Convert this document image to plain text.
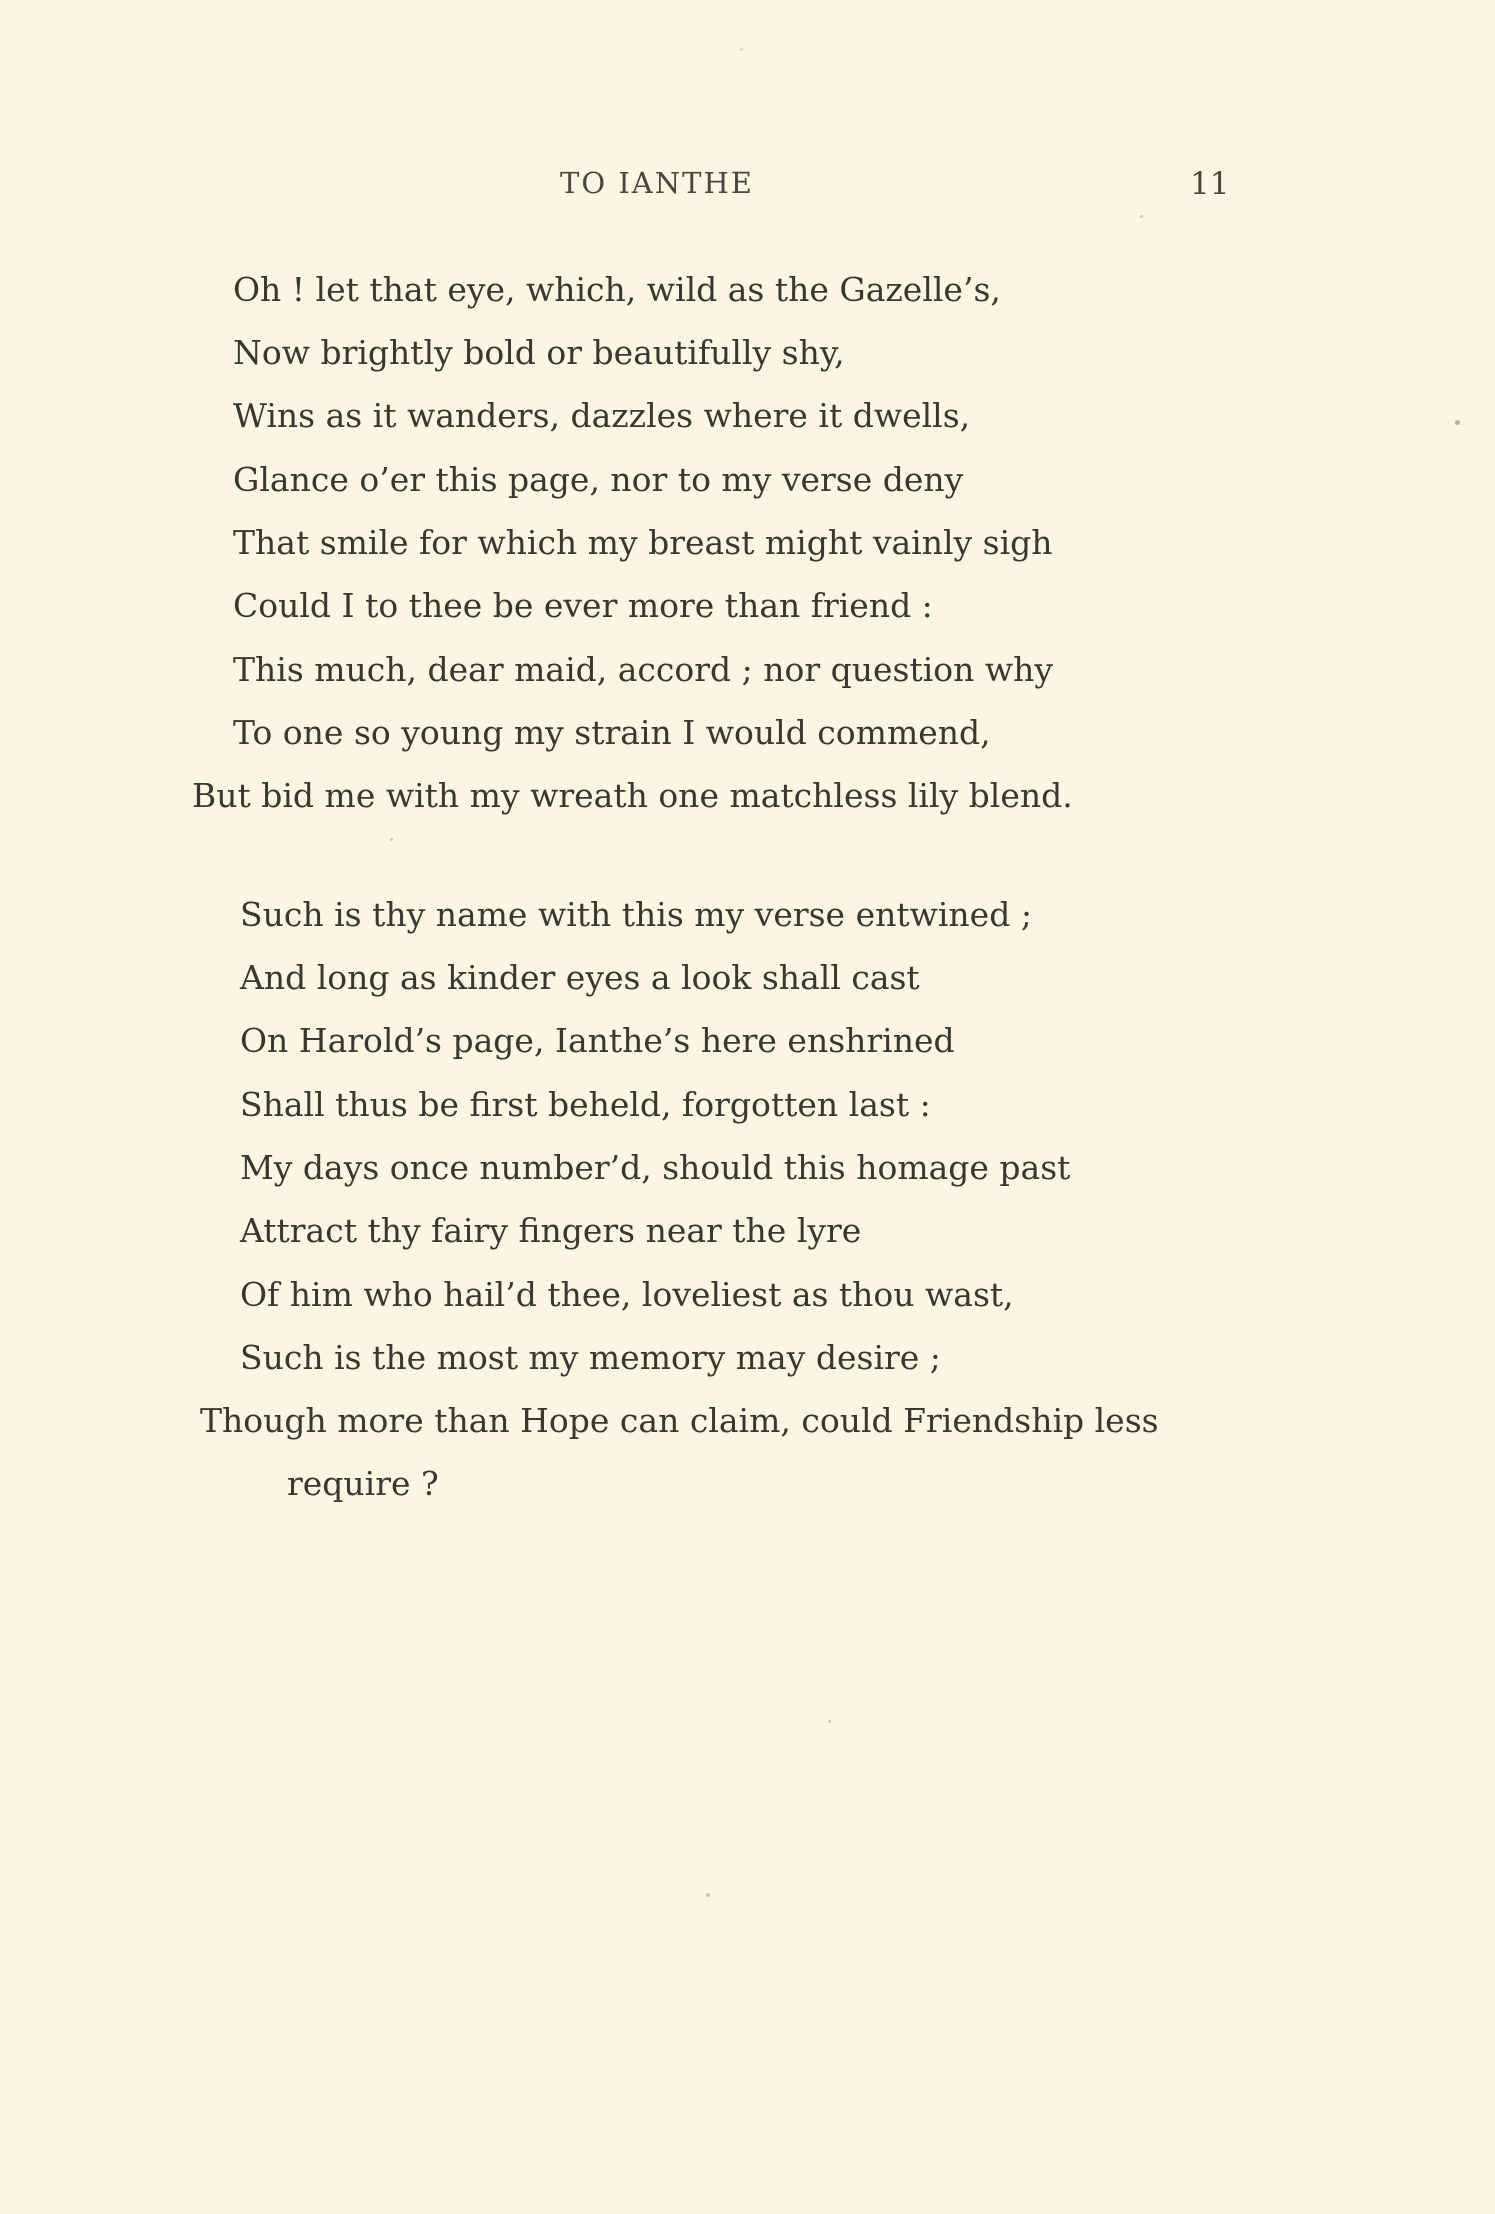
TO IANTHE	11
Oh ! let that eye, which, wild as the Gazelle’s,
Now brightly bold or beautifully shy,
Wins as it wanders, dazzles where it dwells,
Glance o’er this page, nor to my verse deny
That smile for which my breast might vainly sigh
Could I to thee be ever more than friend :
This much, dear maid, accord ; nor question why
To one so young my strain I would commend,
But bid me with my wreath one matchless lily blend.
Such is thy name with this my verse entwined ;
And long as kinder eyes a look shall cast
On Harold’s page, Ianthe’s here enshrined
Shall thus be first beheld, forgotten last :
My days once number’d, should this homage past
Attract thy fairy fingers near the lyre
Of him who hail’d thee, loveliest as thou wast,
Such is the most my memory may desire ;
Though more than Hope can claim, could Friendship less
require ?
